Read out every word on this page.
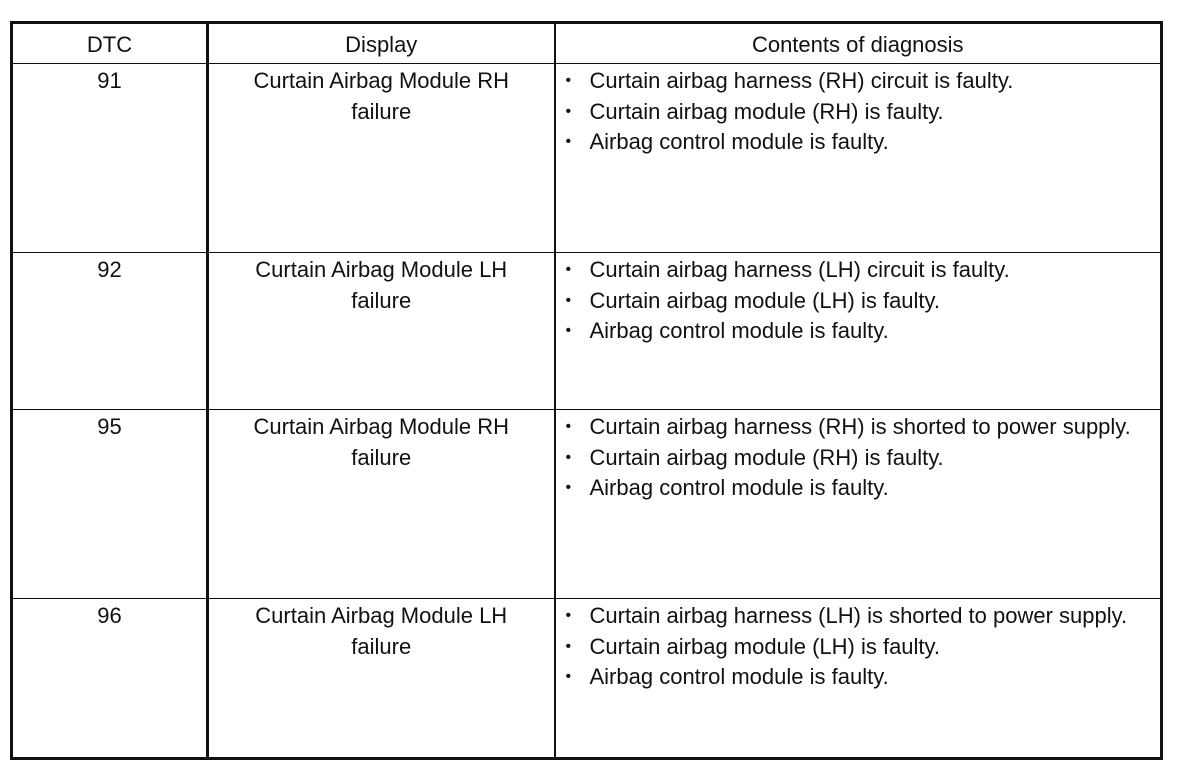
DTC	Display	Contents of diagnosis
91	Curtain Airbag Module RH failure	• Curtain airbag harness (RH) circuit is faulty.
• Curtain airbag module (RH) is faulty.
• Airbag control module is faulty.

92	Curtain Airbag Module LH failure	• Curtain airbag harness (LH) circuit is faulty.
• Curtain airbag module (LH) is faulty.
• Airbag control module is faulty.

95	Curtain Airbag Module RH failure	• Curtain airbag harness (RH) is shorted to power supply.
• Curtain airbag module (RH) is faulty.
• Airbag control module is faulty.

96	Curtain Airbag Module LH failure	• Curtain airbag harness (LH) is shorted to power supply.
• Curtain airbag module (LH) is faulty.
• Airbag control module is faulty.
